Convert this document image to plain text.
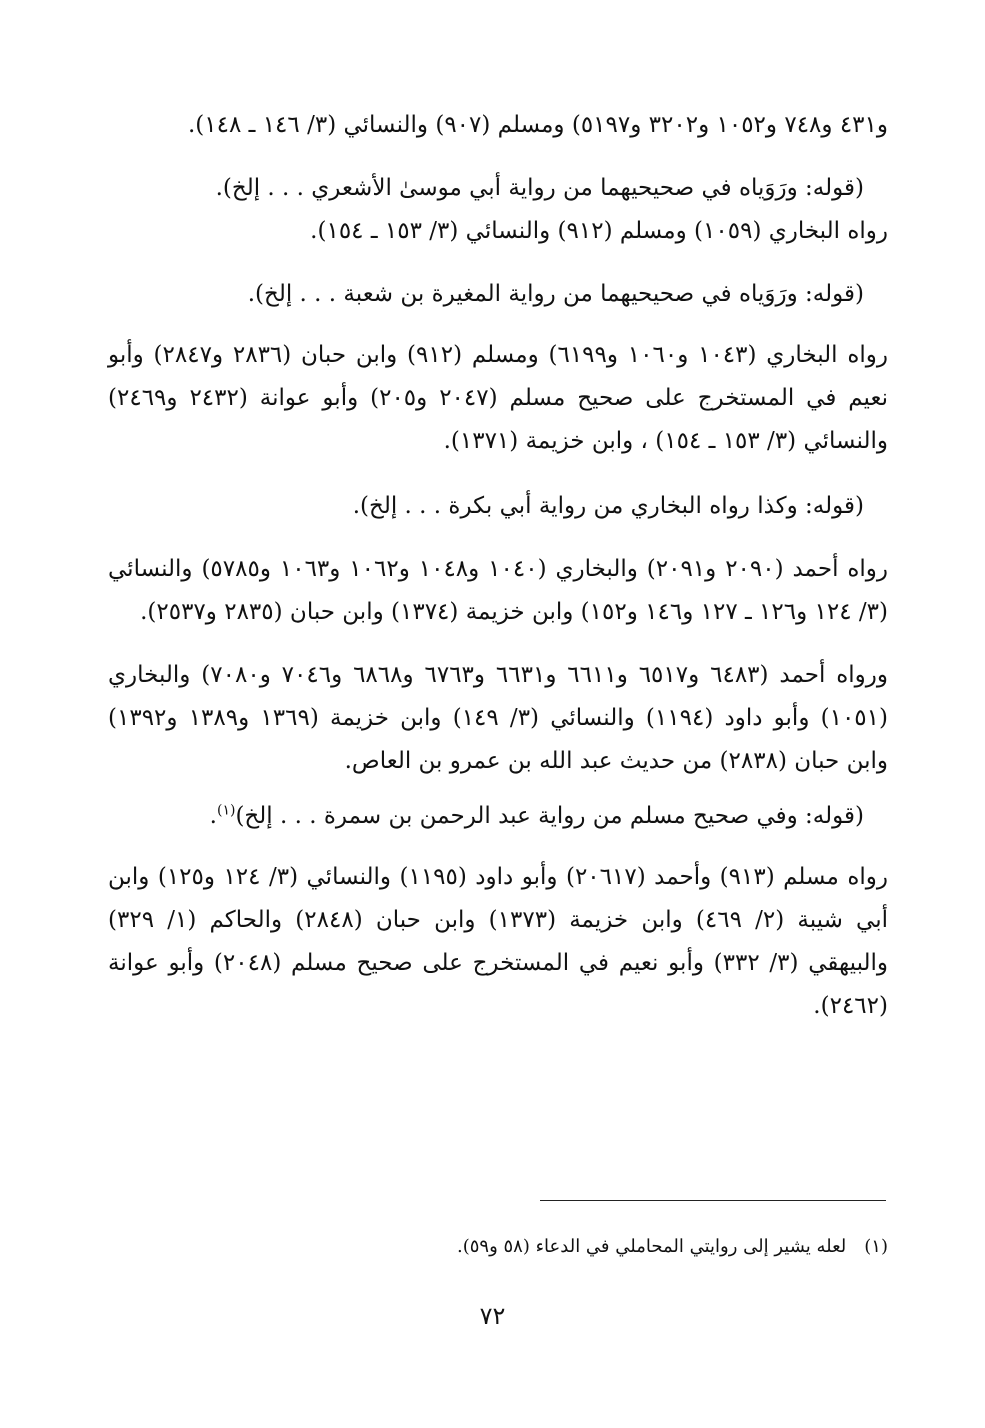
و٤٣١ و٧٤٨ و١٠٥٢ و٣٢٠٢ و٥١٩٧) ومسلم (٩٠٧) والنسائي (٣/ ١٤٦ ـ ١٤٨).

(قوله: ورَوَياه في صحيحيهما من رواية أبي موسىٰ الأشعري . . . إلخ).

رواه البخاري (١٠٥٩) ومسلم (٩١٢) والنسائي (٣/ ١٥٣ ـ ١٥٤).

(قوله: ورَوَياه في صحيحيهما من رواية المغيرة بن شعبة . . . إلخ).

رواه البخاري (١٠٤٣ و١٠٦٠ و٦١٩٩) ومسلم (٩١٢) وابن حبان (٢٨٣٦ و٢٨٤٧) وأبو نعيم في المستخرج على صحيح مسلم (٢٠٤٧ و٢٠٥) وأبو عوانة (٢٤٣٢ و٢٤٦٩) والنسائي (٣/ ١٥٣ ـ ١٥٤) ، وابن خزيمة (١٣٧١).

(قوله: وكذا رواه البخاري من رواية أبي بكرة . . . إلخ).

رواه أحمد (٢٠٩٠ و٢٠٩١) والبخاري (١٠٤٠ و١٠٤٨ و١٠٦٢ و١٠٦٣ و٥٧٨٥) والنسائي (٣/ ١٢٤ و١٢٦ ـ ١٢٧ و١٤٦ و١٥٢) وابن خزيمة (١٣٧٤) وابن حبان (٢٨٣٥ و٢٥٣٧).

ورواه أحمد (٦٤٨٣ و٦٥١٧ و٦٦١١ و٦٦٣١ و٦٧٦٣ و٦٨٦٨ و٧٠٤٦ و٧٠٨٠) والبخاري (١٠٥١) وأبو داود (١١٩٤) والنسائي (٣/ ١٤٩) وابن خزيمة (١٣٦٩ و١٣٨٩ و١٣٩٢) وابن حبان (٢٨٣٨) من حديث عبد الله بن عمرو بن العاص.

(قوله: وفي صحيح مسلم من رواية عبد الرحمن بن سمرة . . . إلخ)$^{(١)}$.

رواه مسلم (٩١٣) وأحمد (٢٠٦١٧) وأبو داود (١١٩٥) والنسائي (٣/ ١٢٤ و١٢٥) وابن أبي شيبة (٢/ ٤٦٩) وابن خزيمة (١٣٧٣) وابن حبان (٢٨٤٨) والحاكم (١/ ٣٢٩) والبيهقي (٣/ ٣٣٢) وأبو نعيم في المستخرج على صحيح مسلم (٢٠٤٨) وأبو عوانة (٢٤٦٢).

(١)لعله يشير إلى روايتي المحاملي في الدعاء (٥٨ و٥٩).
٧٢
